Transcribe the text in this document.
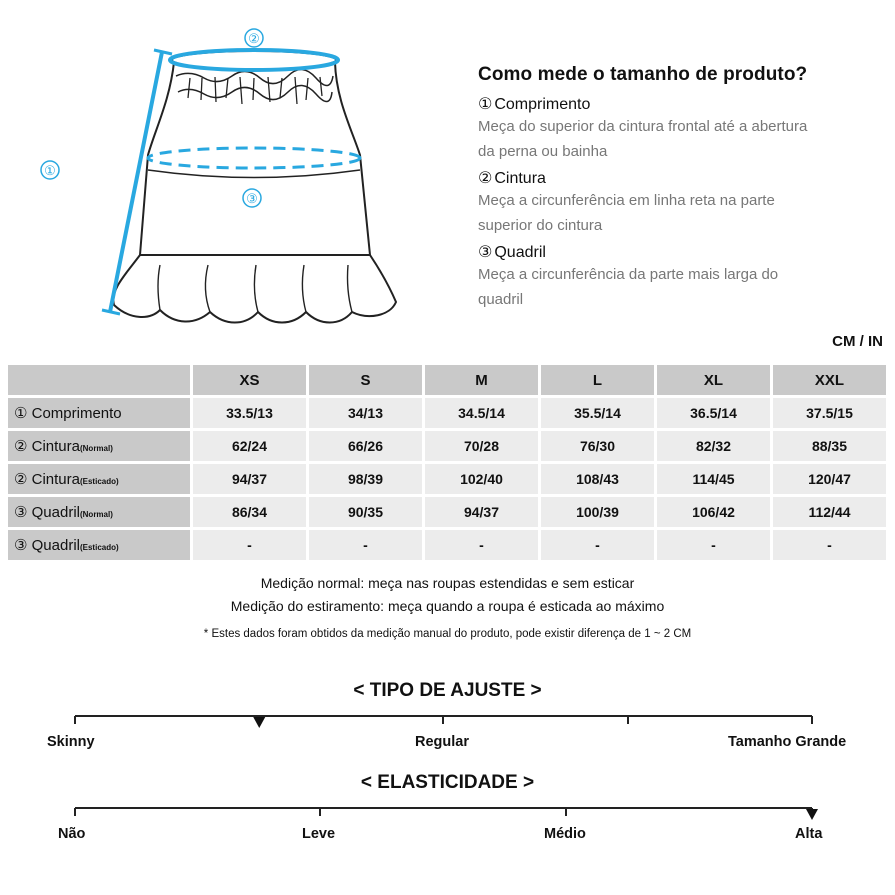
②
③
①
Como mede o tamanho de produto?
① Comprimento
Meça do superior da cintura frontal até a abertura
da perna ou bainha
② Cintura
Meça a circunferência em linha reta na parte
superior do cintura
③ Quadril
Meça a circunferência da parte mais larga do
quadril
CM / IN
	XS	S	M	L	XL	XXL
① Comprimento	33.5/13	34/13	34.5/14	35.5/14	36.5/14	37.5/15
② Cintura(Normal)	62/24	66/26	70/28	76/30	82/32	88/35
② Cintura(Esticado)	94/37	98/39	102/40	108/43	114/45	120/47
③ Quadril(Normal)	86/34	90/35	94/37	100/39	106/42	112/44
③ Quadril(Esticado)	-	-	-	-	-	-
Medição normal: meça nas roupas estendidas e sem esticar
Medição do estiramento: meça quando a roupa é esticada ao máximo
* Estes dados foram obtidos da medição manual do produto, pode existir diferença de 1 ~ 2 CM
< TIPO DE AJUSTE >
Skinny	Regular	Tamanho Grande
< ELASTICIDADE >
Não	Leve	Médio	Alta
